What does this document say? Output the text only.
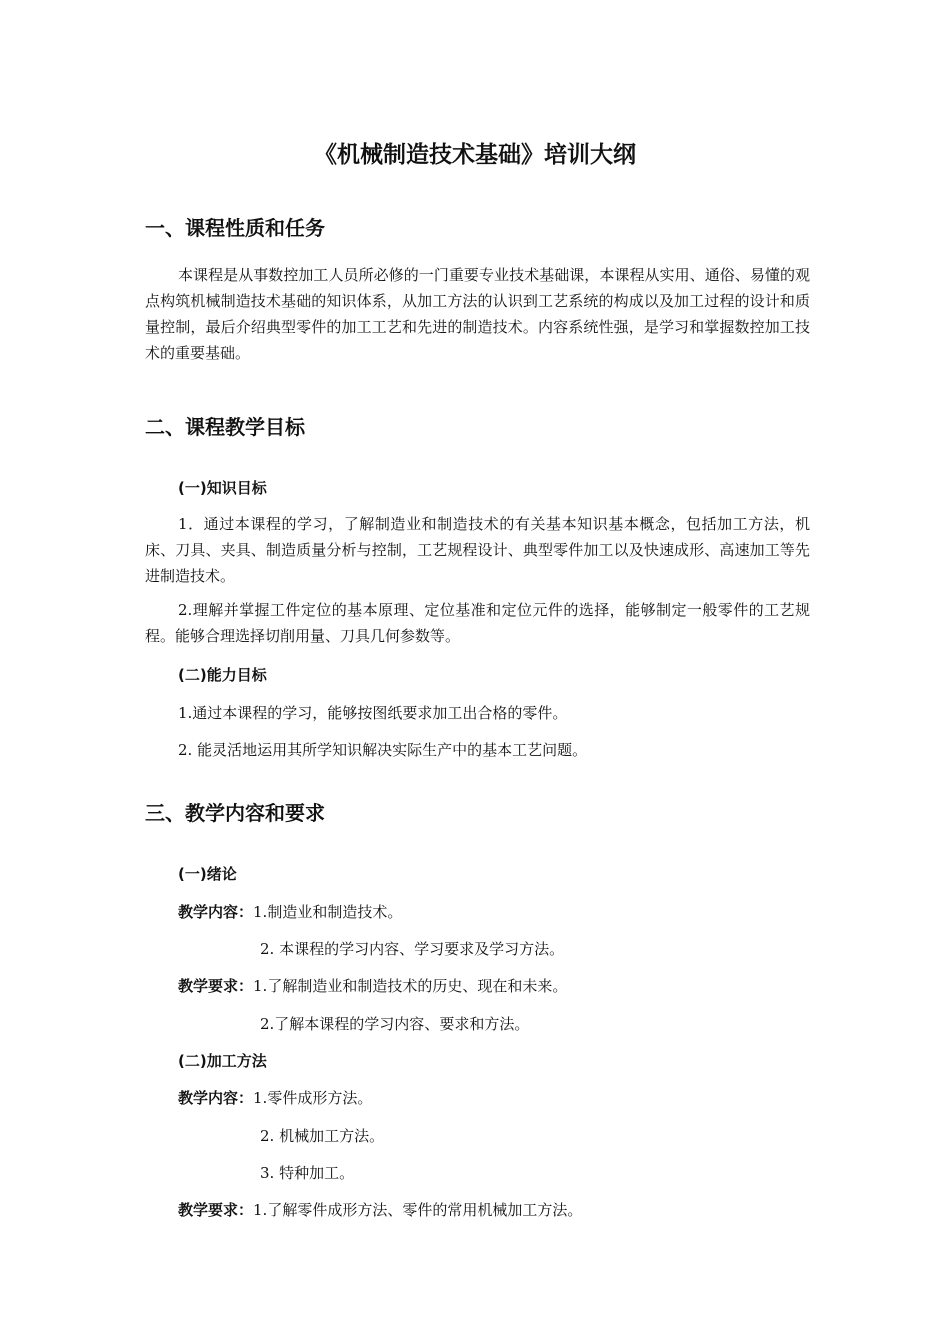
《机械制造技术基础》培训大纲
一、课程性质和任务
本课程是从事数控加工人员所必修的一门重要专业技术基础课，本课程从实用、通俗、易懂的观点构筑机械制造技术基础的知识体系，从加工方法的认识到工艺系统的构成以及加工过程的设计和质量控制，最后介绍典型零件的加工工艺和先进的制造技术。内容系统性强，是学习和掌握数控加工技术的重要基础。
二、课程教学目标
(一)知识目标
1．通过本课程的学习，了解制造业和制造技术的有关基本知识基本概念，包括加工方法，机床、刀具、夹具、制造质量分析与控制，工艺规程设计、典型零件加工以及快速成形、高速加工等先进制造技术。
2.理解并掌握工件定位的基本原理、定位基准和定位元件的选择，能够制定一般零件的工艺规程。能够合理选择切削用量、刀具几何参数等。
(二)能力目标
1.通过本课程的学习，能够按图纸要求加工出合格的零件。
2. 能灵活地运用其所学知识解决实际生产中的基本工艺问题。
三、教学内容和要求
(一)绪论
教学内容：1.制造业和制造技术。
2. 本课程的学习内容、学习要求及学习方法。
教学要求：1.了解制造业和制造技术的历史、现在和未来。
2.了解本课程的学习内容、要求和方法。
(二)加工方法
教学内容：1.零件成形方法。
2. 机械加工方法。
3. 特种加工。
教学要求：1.了解零件成形方法、零件的常用机械加工方法。
